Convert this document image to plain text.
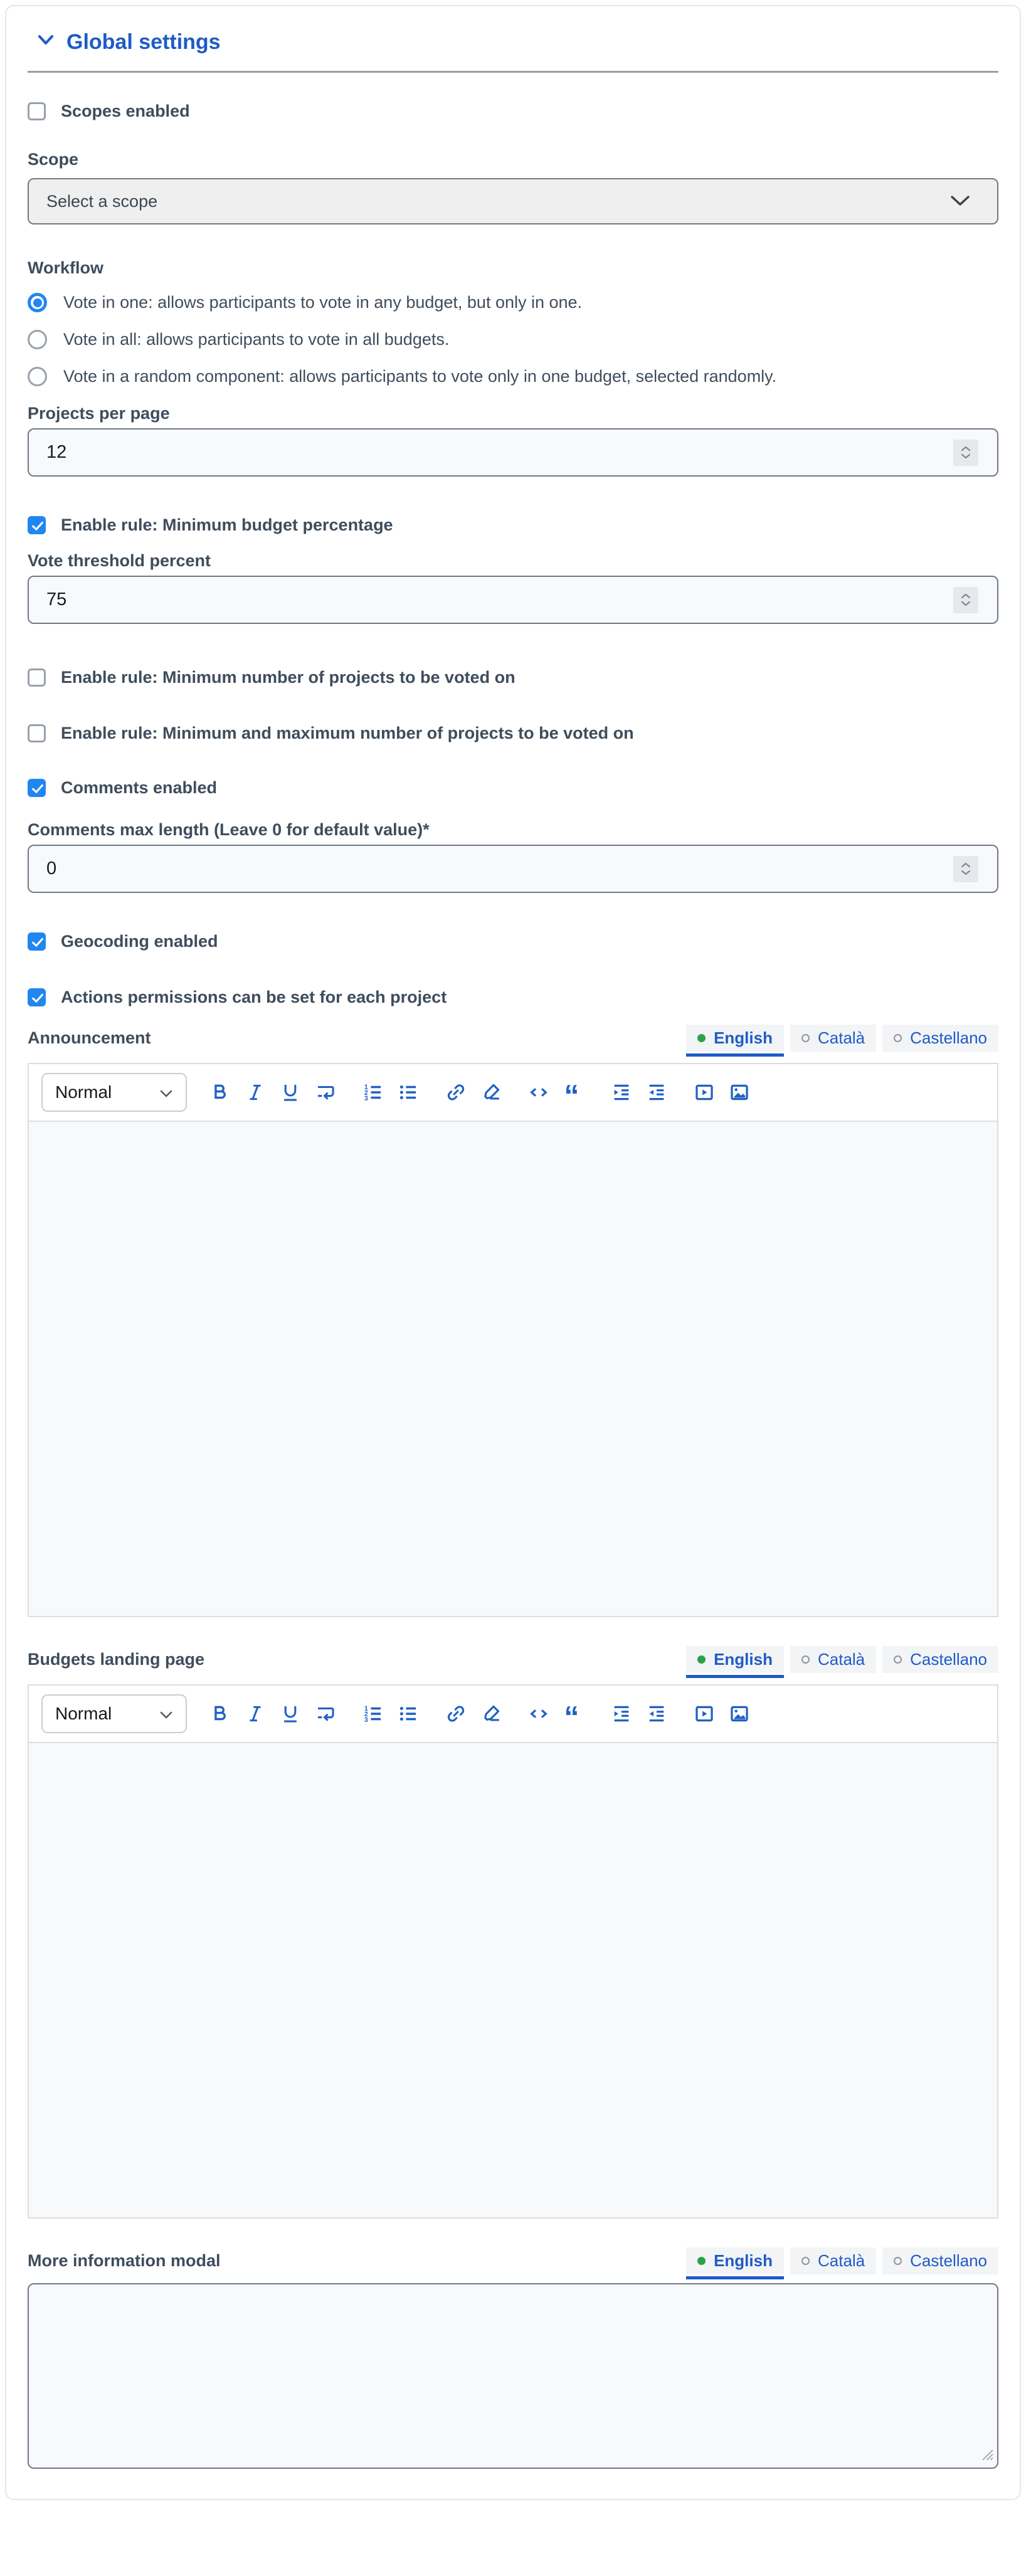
Global settings
Scopes enabled
Scope
Select a scope
Workflow
Vote in one: allows participants to vote in any budget, but only in one.
Vote in all: allows participants to vote in all budgets.
Vote in a random component: allows participants to vote only in one budget, selected randomly.
Projects per page
12
Enable rule: Minimum budget percentage
Vote threshold percent
75
Enable rule: Minimum number of projects to be voted on
Enable rule: Minimum and maximum number of projects to be voted on
Comments enabled
Comments max length (Leave 0 for default value)*
0
Geocoding enabled
Actions permissions can be set for each project
Announcement	English	Català	Castellano
Normal	1
2
3	“
Budgets landing page	English	Català	Castellano
Normal	1
2
3	“
More information modal	English	Català	Castellano
